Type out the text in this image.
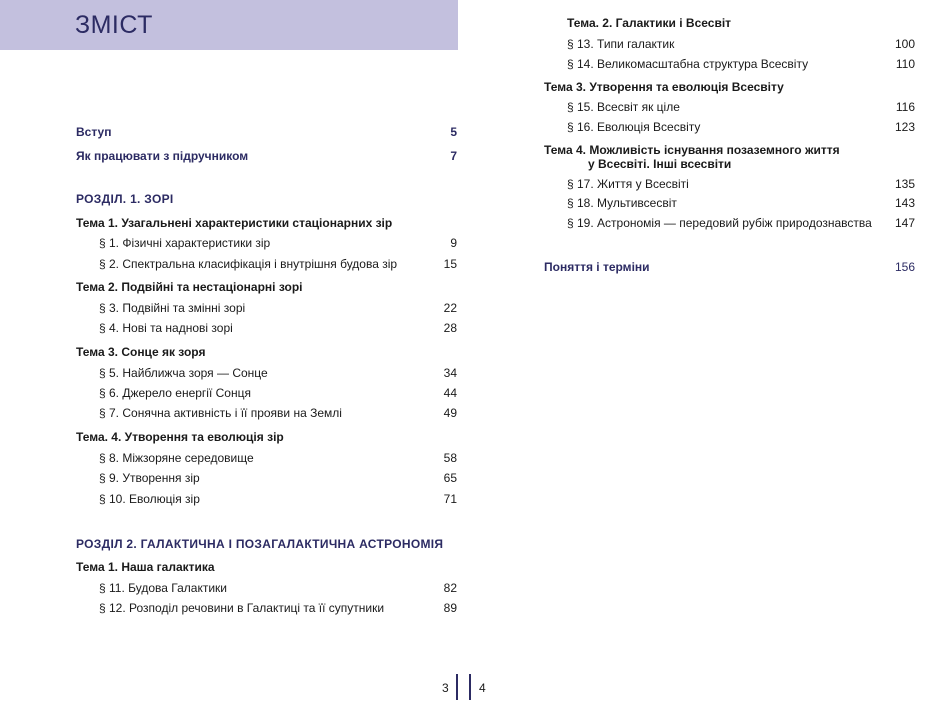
ЗМІСТ
Вступ	5
Як працювати з підручником	7
РОЗДІЛ. 1. ЗОРІ
Тема 1. Узагальнені характеристики стаціонарних зір
§ 1. Фізичні характеристики зір	9
§ 2. Спектральна класифікація і внутрішня будова зір	15
Тема 2. Подвійні та нестаціонарні зорі
§ 3. Подвійні та змінні зорі	22
§ 4. Нові та наднові зорі	28
Тема 3. Сонце як зоря
§ 5. Найближча зоря — Сонце	34
§ 6. Джерело енергії Сонця	44
§ 7. Сонячна активність і її прояви на Землі	49
Тема. 4. Утворення та еволюція зір
§ 8. Міжзоряне середовище	58
§ 9. Утворення зір	65
§ 10. Еволюція зір	71
РОЗДІЛ 2. ГАЛАКТИЧНА І ПОЗАГАЛАКТИЧНА АСТРОНОМІЯ
Тема 1. Наша галактика
§ 11. Будова Галактики	82
§ 12. Розподіл речовини в Галактиці та її супутники	89
Тема. 2. Галактики і Всесвіт
§ 13. Типи галактик	100
§ 14. Великомасштабна структура Всесвіту	110
Тема 3. Утворення та еволюція Всесвіту
§ 15. Всесвіт як ціле	116
§ 16. Еволюція Всесвіту	123
Тема 4. Можливість існування позаземного життя
у Всесвіті. Інші всесвіти
§ 17. Життя у Всесвіті	135
§ 18. Мультивсесвіт	143
§ 19. Астрономія — передовий рубіж природознавства 147
Поняття і терміни	156
3	4
